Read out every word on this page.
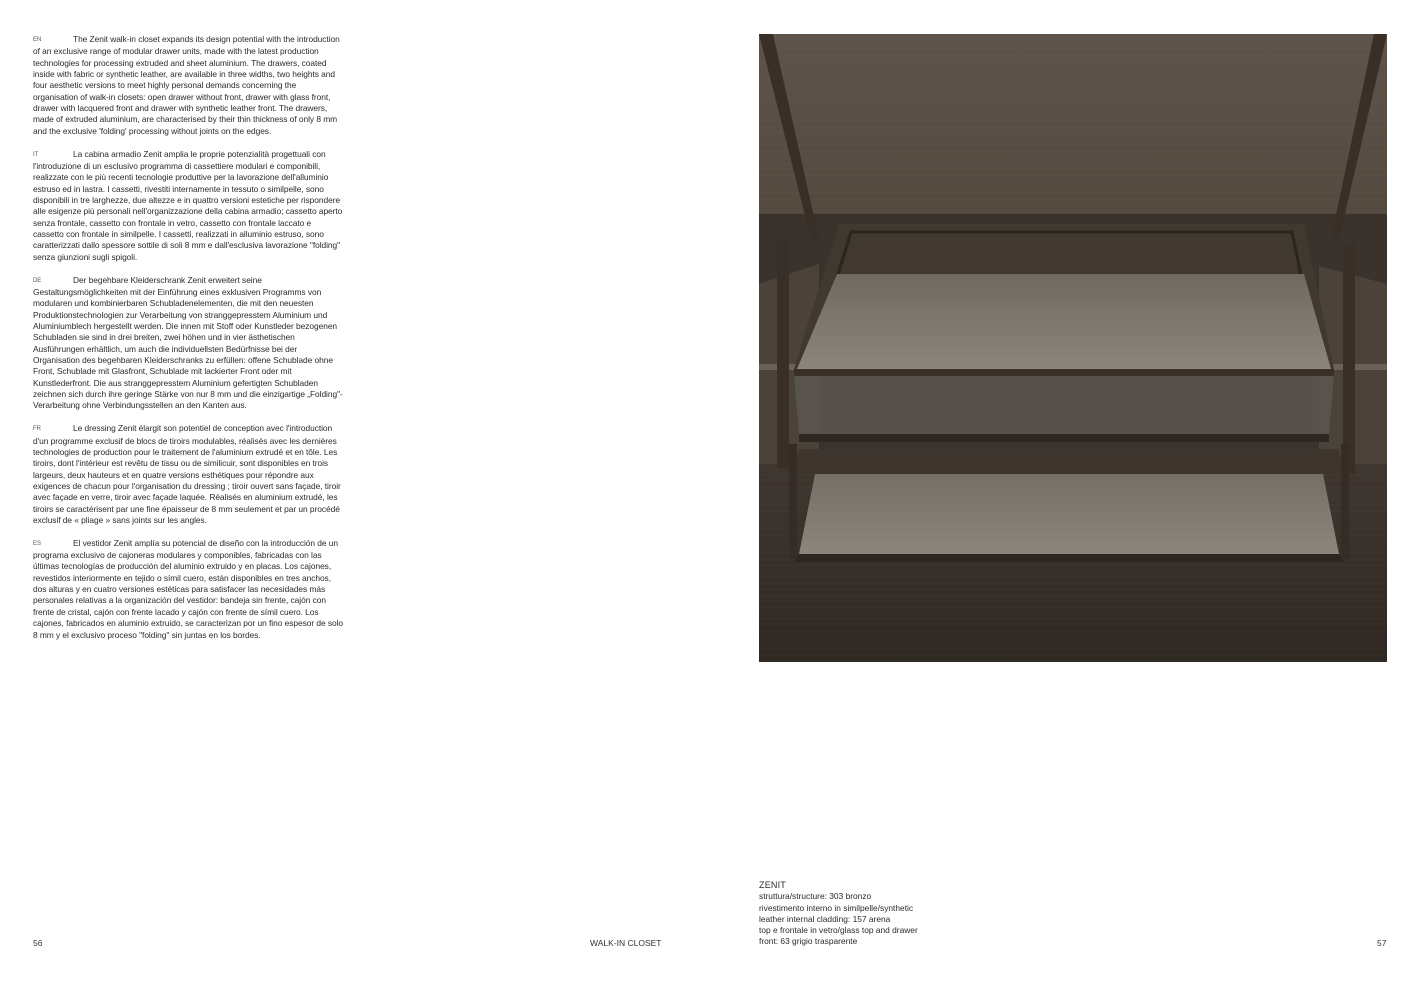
EN	The Zenit walk-in closet expands its design potential with the introduction of an exclusive range of modular drawer units, made with the latest production technologies for processing extruded and sheet aluminium. The drawers, coated inside with fabric or synthetic leather, are available in three widths, two heights and four aesthetic versions to meet highly personal demands concerning the organisation of walk-in closets: open drawer without front, drawer with glass front, drawer with lacquered front and drawer with synthetic leather front. The drawers, made of extruded aluminium, are characterised by their thin thickness of only 8 mm and the exclusive 'folding' processing without joints on the edges.

IT	La cabina armadio Zenit amplia le proprie potenzialità progettuali con l'introduzione di un esclusivo programma di cassettiere modulari e componibili, realizzate con le più recenti tecnologie produttive per la lavorazione dell'alluminio estruso ed in lastra. I cassetti, rivestiti internamente in tessuto o similpelle, sono disponibili in tre larghezze, due altezze e in quattro versioni estetiche per rispondere alle esigenze più personali nell'organizzazione della cabina armadio; cassetto aperto senza frontale, cassetto con frontale in vetro, cassetto con frontale laccato e cassetto con frontale in similpelle. I cassetti, realizzati in alluminio estruso, sono caratterizzati dallo spessore sottile di soli 8 mm e dall'esclusiva lavorazione "folding" senza giunzioni sugli spigoli.

DE	Der begehbare Kleiderschrank Zenit erweitert seine Gestaltungsmöglichkeiten mit der Einführung eines exklusiven Programms von modularen und kombinierbaren Schubladenelementen, die mit den neuesten Produktionstechnologien zur Verarbeitung von stranggepresstem Aluminium und Aluminiumblech hergestellt werden. Die innen mit Stoff oder Kunstleder bezogenen Schubladen sie sind in drei breiten, zwei höhen und in vier ästhetischen Ausführungen erhältlich, um auch die individuellsten Bedürfnisse bei der Organisation des begehbaren Kleiderschranks zu erfüllen: offene Schublade ohne Front, Schublade mit Glasfront, Schublade mit lackierter Front oder mit Kunstlederfront. Die aus stranggepresstem Aluminium gefertigten Schubladen zeichnen sich durch ihre geringe Stärke von nur 8 mm und die einzigartige „Folding"-Verarbeitung ohne Verbindungsstellen an den Kanten aus.

FR	Le dressing Zenit élargit son potentiel de conception avec l'introduction d'un programme exclusif de blocs de tiroirs modulables, réalisés avec les dernières technologies de production pour le traitement de l'aluminium extrudé et en tôle. Les tiroirs, dont l'intérieur est revêtu de tissu ou de similicuir, sont disponibles en trois largeurs, deux hauteurs et en quatre versions esthétiques pour répondre aux exigences de chacun pour l'organisation du dressing ; tiroir ouvert sans façade, tiroir avec façade en verre, tiroir avec façade laquée. Réalisés en aluminium extrudé, les tiroirs se caractérisent par une fine épaisseur de 8 mm seulement et par un procédé exclusif de « pliage » sans joints sur les angles.

ES	El vestidor Zenit amplía su potencial de diseño con la introducción de un programa exclusivo de cajoneras modulares y componibles, fabricadas con las últimas tecnologías de producción del aluminio extruido y en placas. Los cajones, revestidos interiormente en tejido o símil cuero, están disponibles en tres anchos, dos alturas y en cuatro versiones estéticas para satisfacer las necesidades más personales relativas a la organización del vestidor: bandeja sin frente, cajón con frente de cristal, cajón con frente lacado y cajón con frente de símil cuero. Los cajones, fabricados en aluminio extruido, se caracterizan por un fino espesor de solo 8 mm y el exclusivo proceso "folding" sin juntas en los bordes.

ZENIT
struttura/structure: 303 bronzo
rivestimento interno in similpelle/synthetic
leather internal cladding: 157 arena
top e frontale in vetro/glass top and drawer
front: 63 grigio trasparente
56	WALK-IN CLOSET	57
